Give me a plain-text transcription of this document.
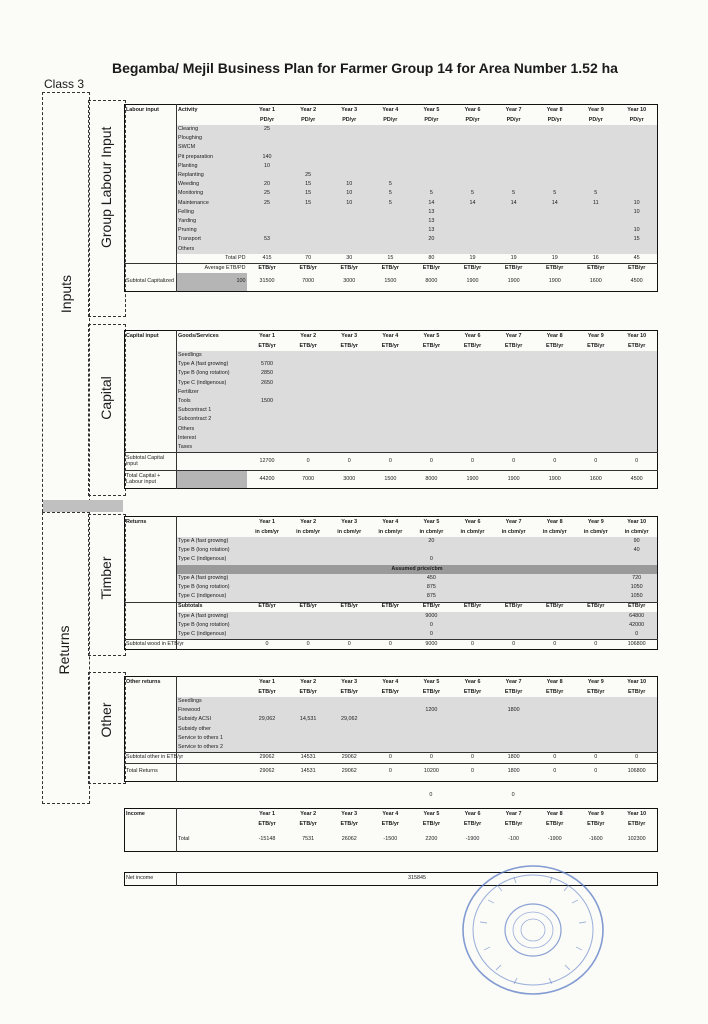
Begamba/ Mejil Business Plan for Farmer Group 14 for Area Number 1.52 ha
Class 3
Inputs
Returns
Group Labour Input
Capital
Timber
Other
Labour input	Activity	Year 1	Year 2	Year 3	Year 4	Year 5	Year 6	Year 7	Year 8	Year 9	Year 10
		PD/yr	PD/yr	PD/yr	PD/yr	PD/yr	PD/yr	PD/yr	PD/yr	PD/yr	PD/yr
	Clearing	25									
	Ploughing										
	SWCM										
	Pit preparation	140									
	Planting	10									
	Replanting		25								
	Weeding	20	15	10	5						
	Monitoring	25	15	10	5	5	5	5	5	5	
	Maintenance	25	15	10	5	14	14	14	14	11	10
	Felling					13					10
	Yarding					13					
	Pruning					13					10
	Transport	53				20					15
	Others										
	Total PD	415	70	30	15	80	19	19	19	16	45
	Average ETB/PD	ETB/yr	ETB/yr	ETB/yr	ETB/yr	ETB/yr	ETB/yr	ETB/yr	ETB/yr	ETB/yr	ETB/yr
Subtotal Capitalized	100	31500	7000	3000	1500	8000	1900	1900	1900	1600	4500
Capital input	Goods/Services	Year 1	Year 2	Year 3	Year 4	Year 5	Year 6	Year 7	Year 8	Year 9	Year 10
		ETB/yr	ETB/yr	ETB/yr	ETB/yr	ETB/yr	ETB/yr	ETB/yr	ETB/yr	ETB/yr	ETB/yr
	Seedlings										
	Type A (fast growing)	5700									
	Type B (long rotation)	2850									
	Type C (indigenous)	2650									
	Fertilizer										
	Tools	1500									
	Subcontract 1										
	Subcontract 2										
	Others										
	Interest										
	Taxes										
Subtotal Capital input		12700	0	0	0	0	0	0	0	0	0
Total Capital + Labour input		44200	7000	3000	1500	8000	1900	1900	1900	1600	4500
Returns		Year 1	Year 2	Year 3	Year 4	Year 5	Year 6	Year 7	Year 8	Year 9	Year 10
		in cbm/yr	in cbm/yr	in cbm/yr	in cbm/yr	in cbm/yr	in cbm/yr	in cbm/yr	in cbm/yr	in cbm/yr	in cbm/yr
	Type A (fast growing)					20					90
	Type B (long rotation)										40
	Type C (indigenous)					0					
	Assumed price/cbm										
	Type A (fast growing)					450					720
	Type B (long rotation)					875					1050
	Type C (indigenous)					875					1050
	Subtotals	ETB/yr	ETB/yr	ETB/yr	ETB/yr	ETB/yr	ETB/yr	ETB/yr	ETB/yr	ETB/yr	ETB/yr
	Type A (fast growing)					9000					64800
	Type B (long rotation)					0					42000
	Type C (indigenous)					0					0
Subtotal wood in ETB/yr		0	0	0	0	9000	0	0	0	0	106800
Other returns		Year 1	Year 2	Year 3	Year 4	Year 5	Year 6	Year 7	Year 8	Year 9	Year 10
		ETB/yr	ETB/yr	ETB/yr	ETB/yr	ETB/yr	ETB/yr	ETB/yr	ETB/yr	ETB/yr	ETB/yr
	Seedlings										
	Firewood					1200		1800			
	Subsidy ACSI	29,062	14,531	29,062							
	Subsidy other										
	Service to others 1										
	Service to others 2										
Subtotal other in ETB/yr		29062	14531	29062	0	0	0	1800	0	0	0
Total Returns		29062	14531	29062	0	10200	0	1800	0	0	106800
0	0
Income		Year 1	Year 2	Year 3	Year 4	Year 5	Year 6	Year 7	Year 8	Year 9	Year 10
		ETB/yr	ETB/yr	ETB/yr	ETB/yr	ETB/yr	ETB/yr	ETB/yr	ETB/yr	ETB/yr	ETB/yr
	Total	-15148	7531	26062	-1500	2200	-1900	-100	-1900	-1600	102300
Net income	315845
